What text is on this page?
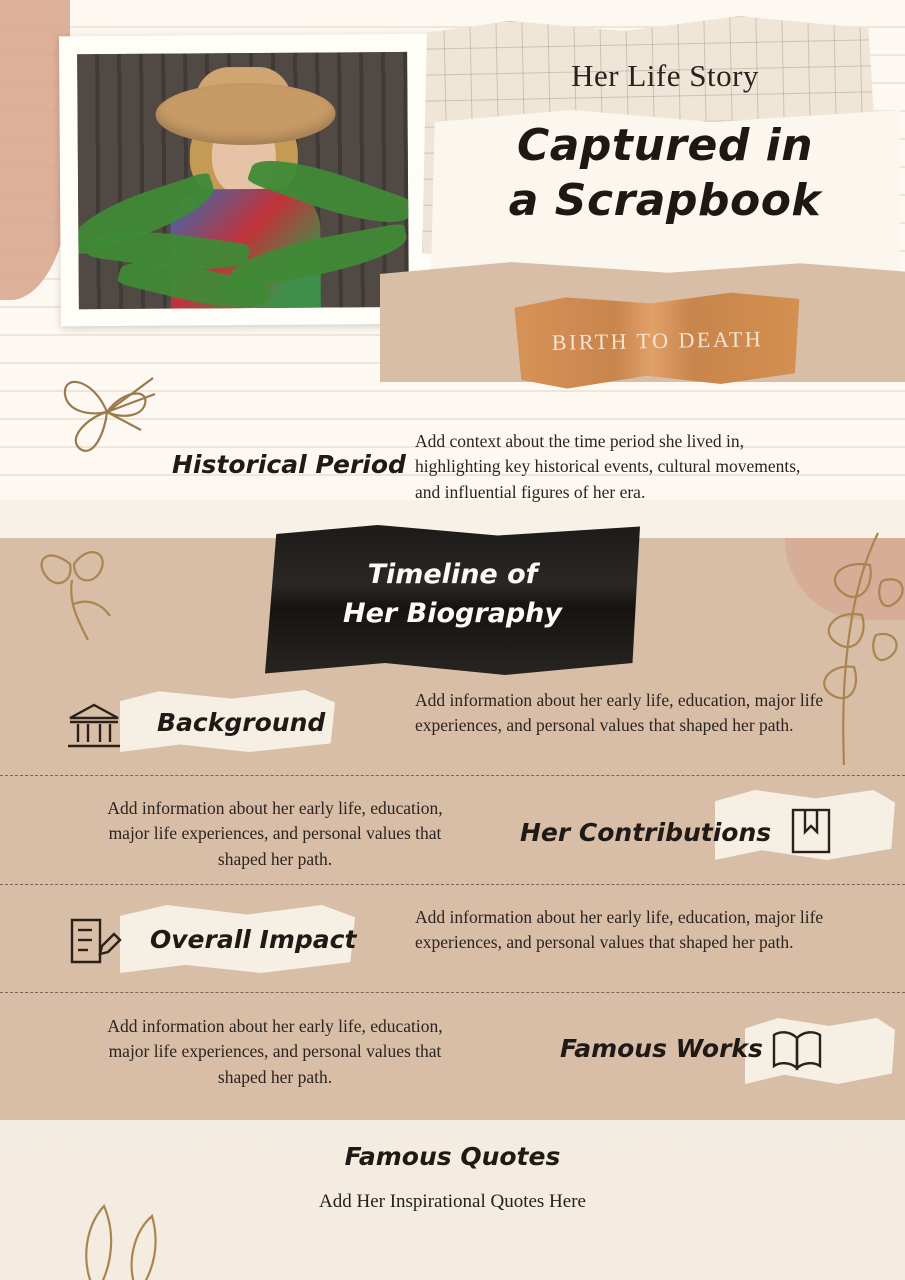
Her Life Story
Captured in
a Scrapbook
BIRTH TO DEATH
Historical Period
Add context about the time period she lived in, highlighting key historical events, cultural movements, and influential figures of her era.
Timeline of
Her Biography
Background
Add information about her early life, education, major life experiences, and personal values that shaped her path.
Add information about her early life, education, major life experiences, and personal values that shaped her path.
Her Contributions
Overall Impact
Add information about her early life, education, major life experiences, and personal values that shaped her path.
Add information about her early life, education, major life experiences, and personal values that shaped her path.
Famous Works
Famous Quotes
Add Her Inspirational Quotes Here
